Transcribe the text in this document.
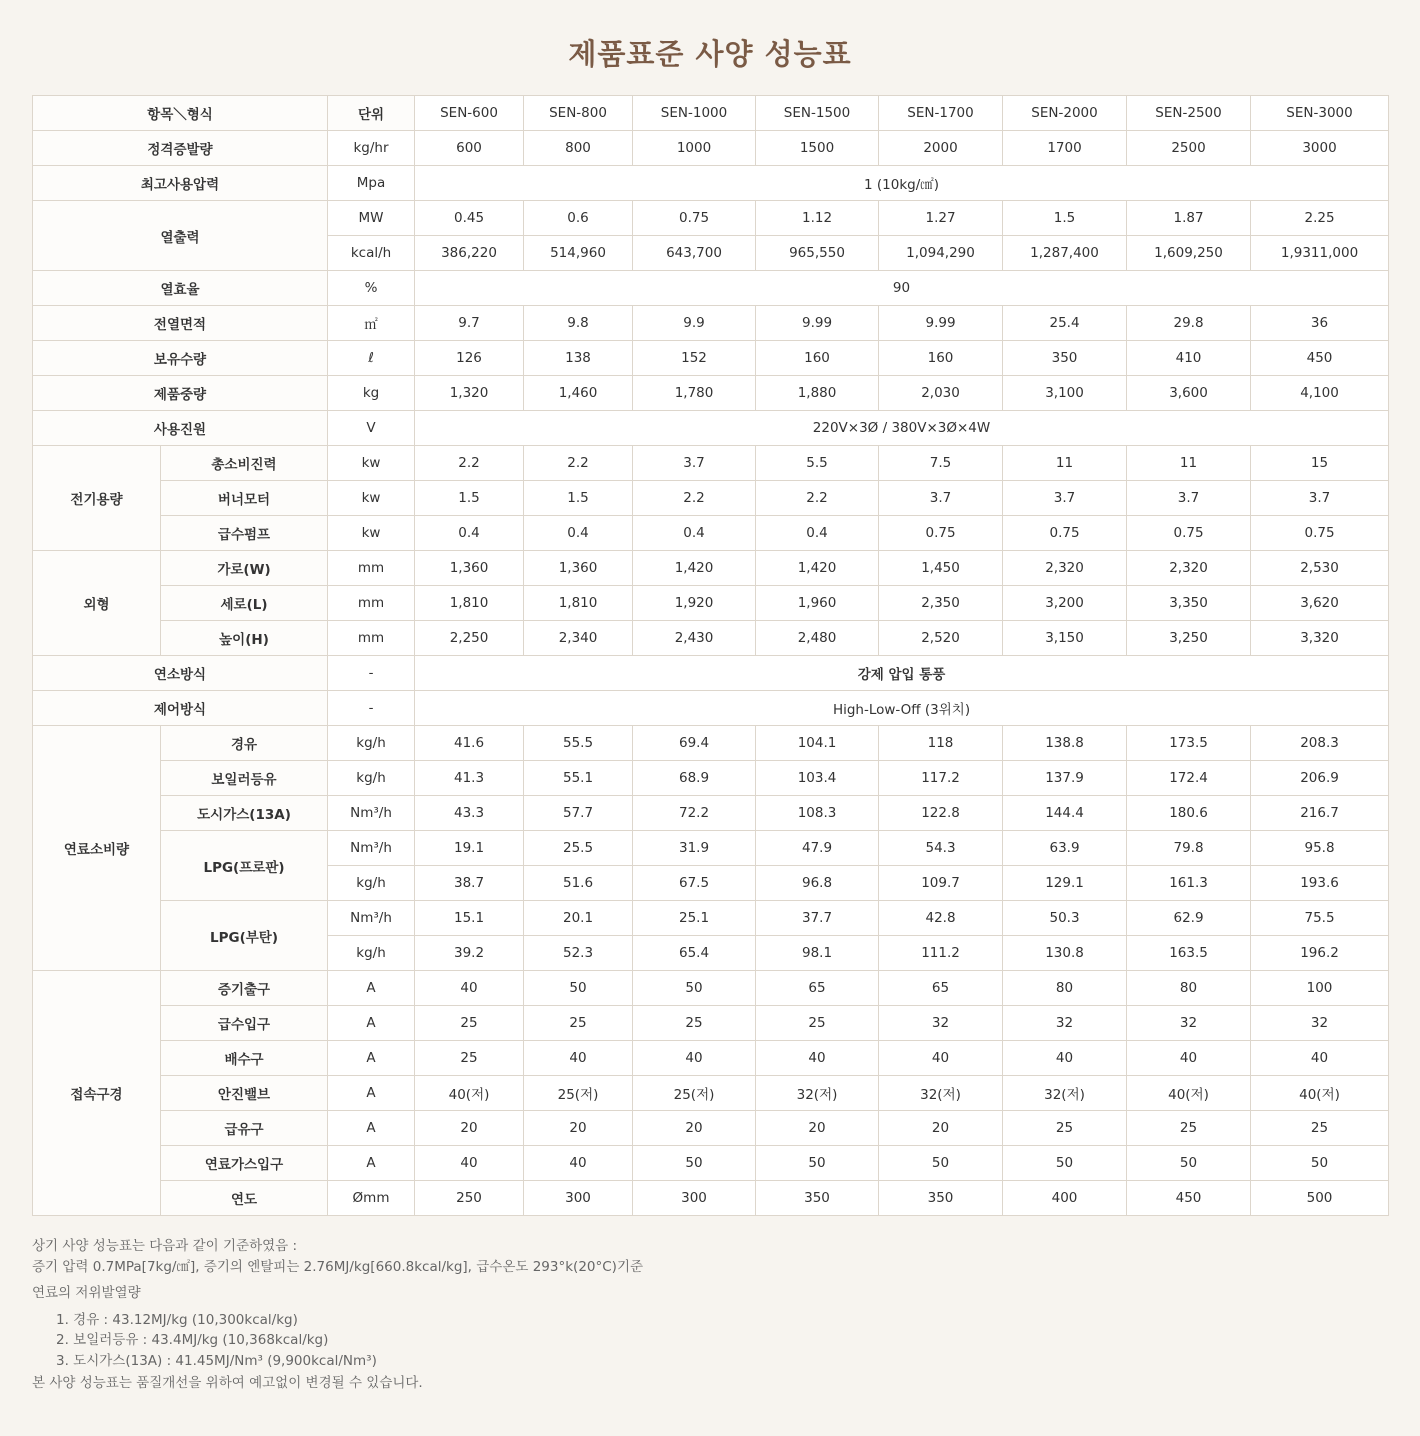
제품표준 사양 성능표
항목＼형식		단위	SEN-600	SEN-800	SEN-1000	SEN-1500	SEN-1700	SEN-2000	SEN-2500	SEN-3000
정격증발량		kg/hr	600	800	1000	1500	2000	1700	2500	3000
최고사용압력		Mpa	1 (10kg/㎠)							
열출력		MW	0.45	0.6	0.75	1.12	1.27	1.5	1.87	2.25
		kcal/h	386,220	514,960	643,700	965,550	1,094,290	1,287,400	1,609,250	1,9311,000
열효율		%	90							
전열면적		㎡	9.7	9.8	9.9	9.99	9.99	25.4	29.8	36
보유수량		ℓ	126	138	152	160	160	350	410	450
제품중량		kg	1,320	1,460	1,780	1,880	2,030	3,100	3,600	4,100
사용진원		V	220V×3Ø / 380V×3Ø×4W							
전기용량	총소비진력	kw	2.2	2.2	3.7	5.5	7.5	11	11	15
	버너모터	kw	1.5	1.5	2.2	2.2	3.7	3.7	3.7	3.7
	급수펌프	kw	0.4	0.4	0.4	0.4	0.75	0.75	0.75	0.75
외형	가로(W)	mm	1,360	1,360	1,420	1,420	1,450	2,320	2,320	2,530
	세로(L)	mm	1,810	1,810	1,920	1,960	2,350	3,200	3,350	3,620
	높이(H)	mm	2,250	2,340	2,430	2,480	2,520	3,150	3,250	3,320
연소방식		-	강제 압입 통풍							
제어방식		-	High-Low-Off (3위치)							
연료소비량	경유	kg/h	41.6	55.5	69.4	104.1	118	138.8	173.5	208.3
	보일러등유	kg/h	41.3	55.1	68.9	103.4	117.2	137.9	172.4	206.9
	도시가스(13A)	Nm³/h	43.3	57.7	72.2	108.3	122.8	144.4	180.6	216.7
	LPG(프로판)	Nm³/h	19.1	25.5	31.9	47.9	54.3	63.9	79.8	95.8
		kg/h	38.7	51.6	67.5	96.8	109.7	129.1	161.3	193.6
	LPG(부탄)	Nm³/h	15.1	20.1	25.1	37.7	42.8	50.3	62.9	75.5
		kg/h	39.2	52.3	65.4	98.1	111.2	130.8	163.5	196.2
접속구경	증기출구	A	40	50	50	65	65	80	80	100
	급수입구	A	25	25	25	25	32	32	32	32
	배수구	A	25	40	40	40	40	40	40	40
	안진밸브	A	40(저)	25(저)	25(저)	32(저)	32(저)	32(저)	40(저)	40(저)
	급유구	A	20	20	20	20	20	25	25	25
	연료가스입구	A	40	40	50	50	50	50	50	50
	연도	Ømm	250	300	300	350	350	400	450	500

상기 사양 성능표는 다음과 같이 기준하였음 :

증기 압력 0.7MPa[7kg/㎠], 증기의 엔탈피는 2.76MJ/kg[660.8kcal/kg], 급수온도 293°k(20°C)기준

연료의 저위발열량

1. 경유 : 43.12MJ/kg (10,300kcal/kg)
2. 보일러등유 : 43.4MJ/kg (10,368kcal/kg)
3. 도시가스(13A) : 41.45MJ/Nm³ (9,900kcal/Nm³)

본 사양 성능표는 품질개선을 위하여 예고없이 변경될 수 있습니다.
